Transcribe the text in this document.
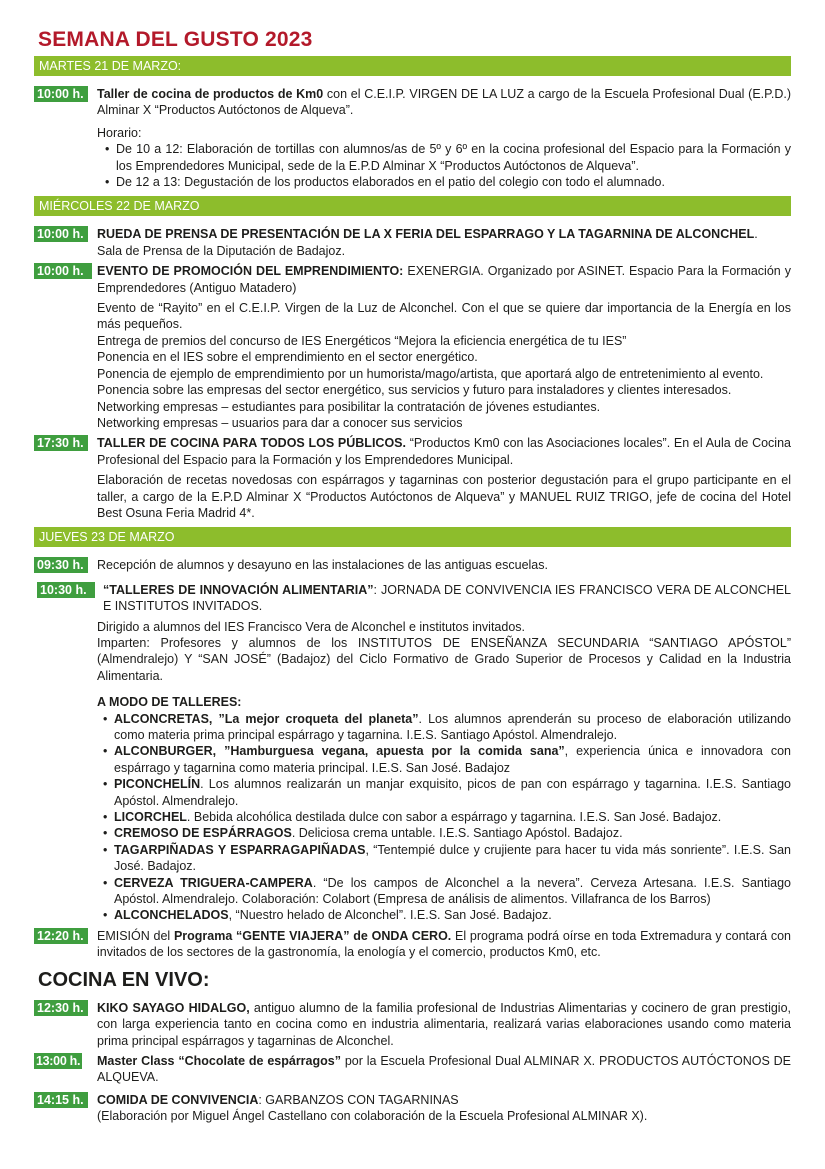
SEMANA DEL GUSTO 2023
MARTES 21 DE MARZO:
10:00 h.	Taller de cocina de productos de Km0 con el C.E.I.P. VIRGEN DE LA LUZ a cargo de la Escuela Profesional Dual (E.P.D.) Alminar X “Productos Autóctonos de Alqueva”.

Horario:

• De 10 a 12: Elaboración de tortillas con alumnos/as de 5º y 6º en la cocina profesional del Espacio para la Formación y los Emprendedores Municipal, sede de la E.P.D Alminar X “Productos Autóctonos de Alqueva”.
• De 12 a 13: Degustación de los productos elaborados en el patio del colegio con todo el alumnado.
MIÉRCOLES 22 DE MARZO
10:00 h.	RUEDA DE PRENSA DE PRESENTACIÓN DE LA X FERIA DEL ESPARRAGO Y LA TAGARNINA DE ALCONCHEL.
Sala de Prensa de la Diputación de Badajoz.
10:00 h.	EVENTO DE PROMOCIÓN DEL EMPRENDIMIENTO: EXENERGIA. Organizado por ASINET. Espacio Para la Formación y Emprendedores (Antiguo Matadero)

Evento de “Rayito” en el C.E.I.P. Virgen de la Luz de Alconchel. Con el que se quiere dar importancia de la Energía en los más pequeños.

Entrega de premios del concurso de IES Energéticos “Mejora la eficiencia energética de tu IES”

Ponencia en el IES sobre el emprendimiento en el sector energético.

Ponencia de ejemplo de emprendimiento por un humorista/mago/artista, que aportará algo de entretenimiento al evento.

Ponencia sobre las empresas del sector energético, sus servicios y futuro para instaladores y clientes interesados.

Networking empresas – estudiantes para posibilitar la contratación de jóvenes estudiantes.

Networking empresas – usuarios para dar a conocer sus servicios

17:30 h.	TALLER DE COCINA PARA TODOS LOS PÚBLICOS. “Productos Km0 con las Asociaciones locales”. En el Aula de Cocina Profesional del Espacio para la Formación y los Emprendedores Municipal.

Elaboración de recetas novedosas con espárragos y tagarninas con posterior degustación para el grupo participante en el taller, a cargo de la E.P.D Alminar X “Productos Autóctonos de Alqueva” y MANUEL RUIZ TRIGO, jefe de cocina del Hotel Best Osuna Feria Madrid 4*.

JUEVES 23 DE MARZO
09:30 h.	Recepción de alumnos y desayuno en las instalaciones de las antiguas escuelas.
10:30 h.	“TALLERES DE INNOVACIÓN ALIMENTARIA”: JORNADA DE CONVIVENCIA IES FRANCISCO VERA DE ALCONCHEL E INSTITUTOS INVITADOS.

Dirigido a alumnos del IES Francisco Vera de Alconchel e institutos invitados.

Imparten: Profesores y alumnos de los INSTITUTOS DE ENSEÑANZA SECUNDARIA “SANTIAGO APÓSTOL” (Almendralejo) Y “SAN JOSÉ” (Badajoz) del Ciclo Formativo de Grado Superior de Procesos y Calidad en la Industria Alimentaria.

A MODO DE TALLERES:

• ALCONCRETAS, ”La mejor croqueta del planeta”. Los alumnos aprenderán su proceso de elaboración utilizando como materia prima principal espárrago y tagarnina. I.E.S. Santiago Apóstol. Almendralejo.
• ALCONBURGER, ”Hamburguesa vegana, apuesta por la comida sana”, experiencia única e innovadora con espárrago y tagarnina como materia principal. I.E.S. San José. Badajoz
• PICONCHELÍN. Los alumnos realizarán un manjar exquisito, picos de pan con espárrago y tagarnina. I.E.S. Santiago Apóstol. Almendralejo.
• LICORCHEL. Bebida alcohólica destilada dulce con sabor a espárrago y tagarnina. I.E.S. San José. Badajoz.
• CREMOSO DE ESPÁRRAGOS. Deliciosa crema untable. I.E.S. Santiago Apóstol. Badajoz.
• TAGARPIÑADAS Y ESPARRAGAPIÑADAS, “Tentempié dulce y crujiente para hacer tu vida más sonriente”. I.E.S. San José. Badajoz.
• CERVEZA TRIGUERA-CAMPERA. “De los campos de Alconchel a la nevera”. Cerveza Artesana. I.E.S. Santiago Apóstol. Almendralejo. Colaboración: Colabort (Empresa de análisis de alimentos. Villafranca de los Barros)
• ALCONCHELADOS, “Nuestro helado de Alconchel”. I.E.S. San José. Badajoz.
12:20 h.	EMISIÓN del Programa “GENTE VIAJERA” de ONDA CERO. El programa podrá oírse en toda Extremadura y contará con invitados de los sectores de la gastronomía, la enología y el comercio, productos Km0, etc.
COCINA EN VIVO:
12:30 h.	KIKO SAYAGO HIDALGO, antiguo alumno de la familia profesional de Industrias Alimentarias y cocinero de gran prestigio, con larga experiencia tanto en cocina como en industria alimentaria, realizará varias elaboraciones usando como materia prima principal espárragos y tagarninas de Alconchel.
13:00 h.	Master Class “Chocolate de espárragos” por la Escuela Profesional Dual ALMINAR X. PRODUCTOS AUTÓCTONOS DE ALQUEVA.
14:15 h.	COMIDA DE CONVIVENCIA: GARBANZOS CON TAGARNINAS
(Elaboración por Miguel Ángel Castellano con colaboración de la Escuela Profesional ALMINAR X).
